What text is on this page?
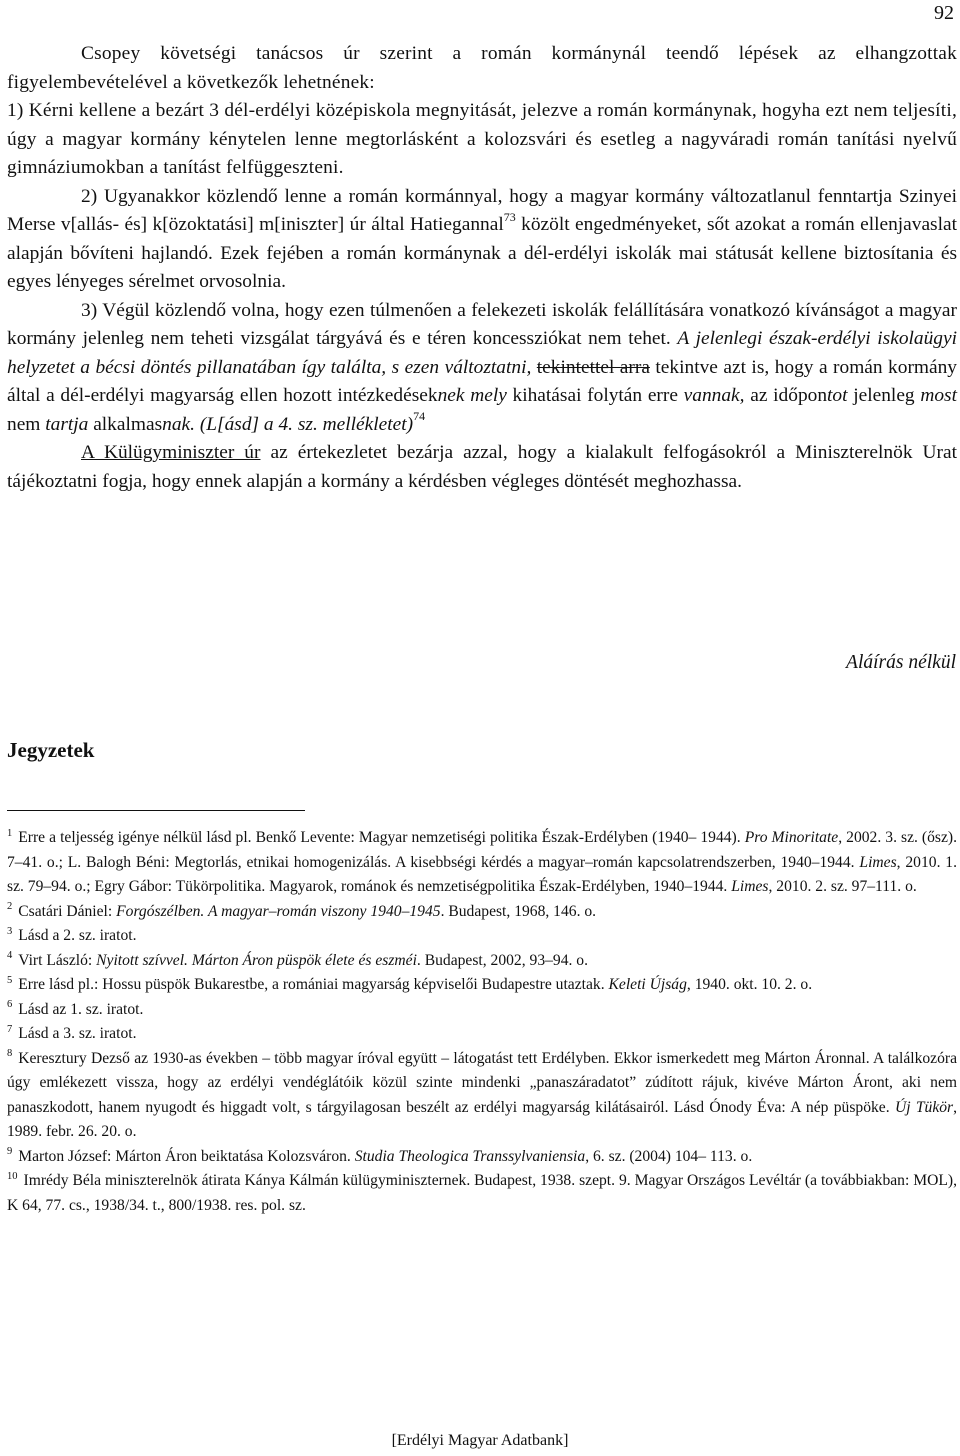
92

Csopey követségi tanácsos úr szerint a román kormánynál teendő lépések az elhangzottak figyelembevételével a következők lehetnének:

1) Kérni kellene a bezárt 3 dél-erdélyi középiskola megnyitását, jelezve a román kormánynak, hogyha ezt nem teljesíti, úgy a magyar kormány kénytelen lenne megtorlásként a kolozsvári és esetleg a nagyváradi román tanítási nyelvű gimnáziumokban a tanítást felfüggeszteni.

2) Ugyanakkor közlendő lenne a román kormánnyal, hogy a magyar kormány változatlanul fenntartja Szinyei Merse v[allás- és] k[özoktatási] m[iniszter] úr által Hatiegannal$^{73}$ közölt engedményeket, sőt azokat a román ellenjavaslat alapján bővíteni hajlandó. Ezek fejében a román kormánynak a dél-erdélyi iskolák mai státusát kellene biztosítania és egyes lényeges sérelmet orvosolnia.

3) Végül közlendő volna, hogy ezen túlmenően a felekezeti iskolák felállítására vonatkozó kívánságot a magyar kormány jelenleg nem teheti vizsgálat tárgyává és e téren koncessziókat nem tehet. A jelenlegi észak-erdélyi iskolaügyi helyzetet a bécsi döntés pillanatában így találta, s ezen változtatni, tekintettel arra tekintve azt is, hogy a román kormány által a dél-erdélyi magyarság ellen hozott intézkedéseknek mely kihatásai folytán erre vannak, az időpontot jelenleg most nem tartja alkalmasnak. (L[ásd] a 4. sz. mellékletet)$^{74}$

A Külügyminiszter úr az értekezletet bezárja azzal, hogy a kialakult felfogásokról a Miniszterelnök Urat tájékoztatni fogja, hogy ennek alapján a kormány a kérdésben végleges döntését meghozhassa.

Aláírás nélkül
Jegyzetek

$^1$ Erre a teljesség igénye nélkül lásd pl. Benkő Levente: Magyar nemzetiségi politika Észak-Erdélyben (1940– 1944). Pro Minoritate, 2002. 3. sz. (ősz). 7–41. o.; L. Balogh Béni: Megtorlás, etnikai homogenizálás. A kisebbségi kérdés a magyar–román kapcsolatrendszerben, 1940–1944. Limes, 2010. 1. sz. 79–94. o.; Egry Gábor: Tükörpolitika. Magyarok, románok és nemzetiségpolitika Észak-Erdélyben, 1940–1944. Limes, 2010. 2. sz. 97–111. o.

$^2$ Csatári Dániel: Forgószélben. A magyar–román viszony 1940–1945. Budapest, 1968, 146. o.

$^3$ Lásd a 2. sz. iratot.

$^4$ Virt László: Nyitott szívvel. Márton Áron püspök élete és eszméi. Budapest, 2002, 93–94. o.

$^5$ Erre lásd pl.: Hossu püspök Bukarestbe, a romániai magyarság képviselői Budapestre utaztak. Keleti Újság, 1940. okt. 10. 2. o.

$^6$ Lásd az 1. sz. iratot.

$^7$ Lásd a 3. sz. iratot.

$^8$ Keresztury Dezső az 1930-as években – több magyar íróval együtt – látogatást tett Erdélyben. Ekkor ismerkedett meg Márton Áronnal. A találkozóra úgy emlékezett vissza, hogy az erdélyi vendéglátóik közül szinte mindenki „panaszáradatot” zúdított rájuk, kivéve Márton Áront, aki nem panaszkodott, hanem nyugodt és higgadt volt, s tárgyilagosan beszélt az erdélyi magyarság kilátásairól. Lásd Ónody Éva: A nép püspöke. Új Tükör, 1989. febr. 26. 20. o.

$^9$ Marton József: Márton Áron beiktatása Kolozsváron. Studia Theologica Transsylvaniensia, 6. sz. (2004) 104– 113. o.

$^{10}$ Imrédy Béla miniszterelnök átirata Kánya Kálmán külügyminiszternek. Budapest, 1938. szept. 9. Magyar Országos Levéltár (a továbbiakban: MOL), K 64, 77. cs., 1938/34. t., 800/1938. res. pol. sz.

[Erdélyi Magyar Adatbank]
